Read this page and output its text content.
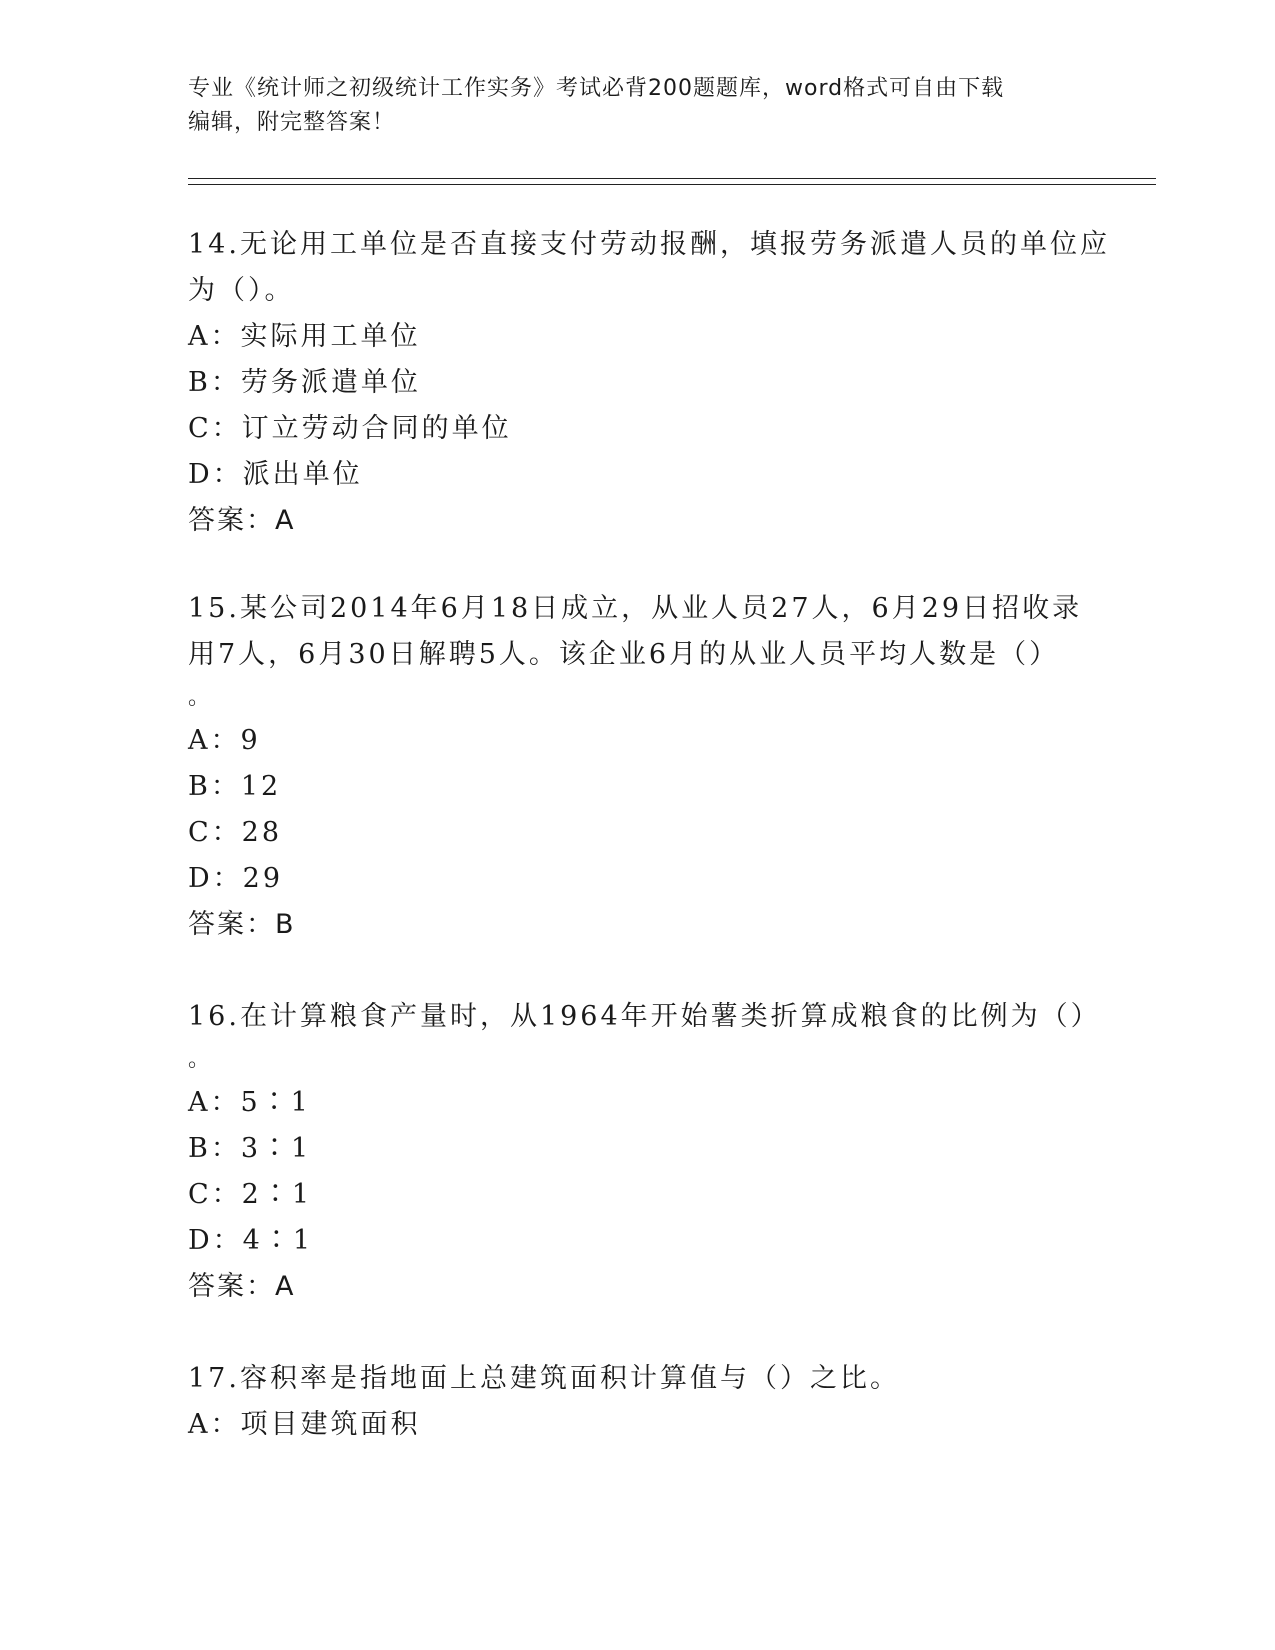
专业《统计师之初级统计工作实务》考试必背200题题库，word格式可自由下载
编辑，附完整答案！
14.无论用工单位是否直接支付劳动报酬，填报劳务派遣人员的单位应
为（）。
A：实际用工单位
B：劳务派遣单位
C：订立劳动合同的单位
D：派出单位
答案：A
15.某公司2014年6月18日成立，从业人员27人，6月29日招收录
用7人，6月30日解聘5人。该企业6月的从业人员平均人数是（）
。
A：9
B：12
C：28
D：29
答案：B
16.在计算粮食产量时，从1964年开始薯类折算成粮食的比例为（）
。
A：5∶1
B：3∶1
C：2∶1
D：4∶1
答案：A
17.容积率是指地面上总建筑面积计算值与（）之比。
A：项目建筑面积
